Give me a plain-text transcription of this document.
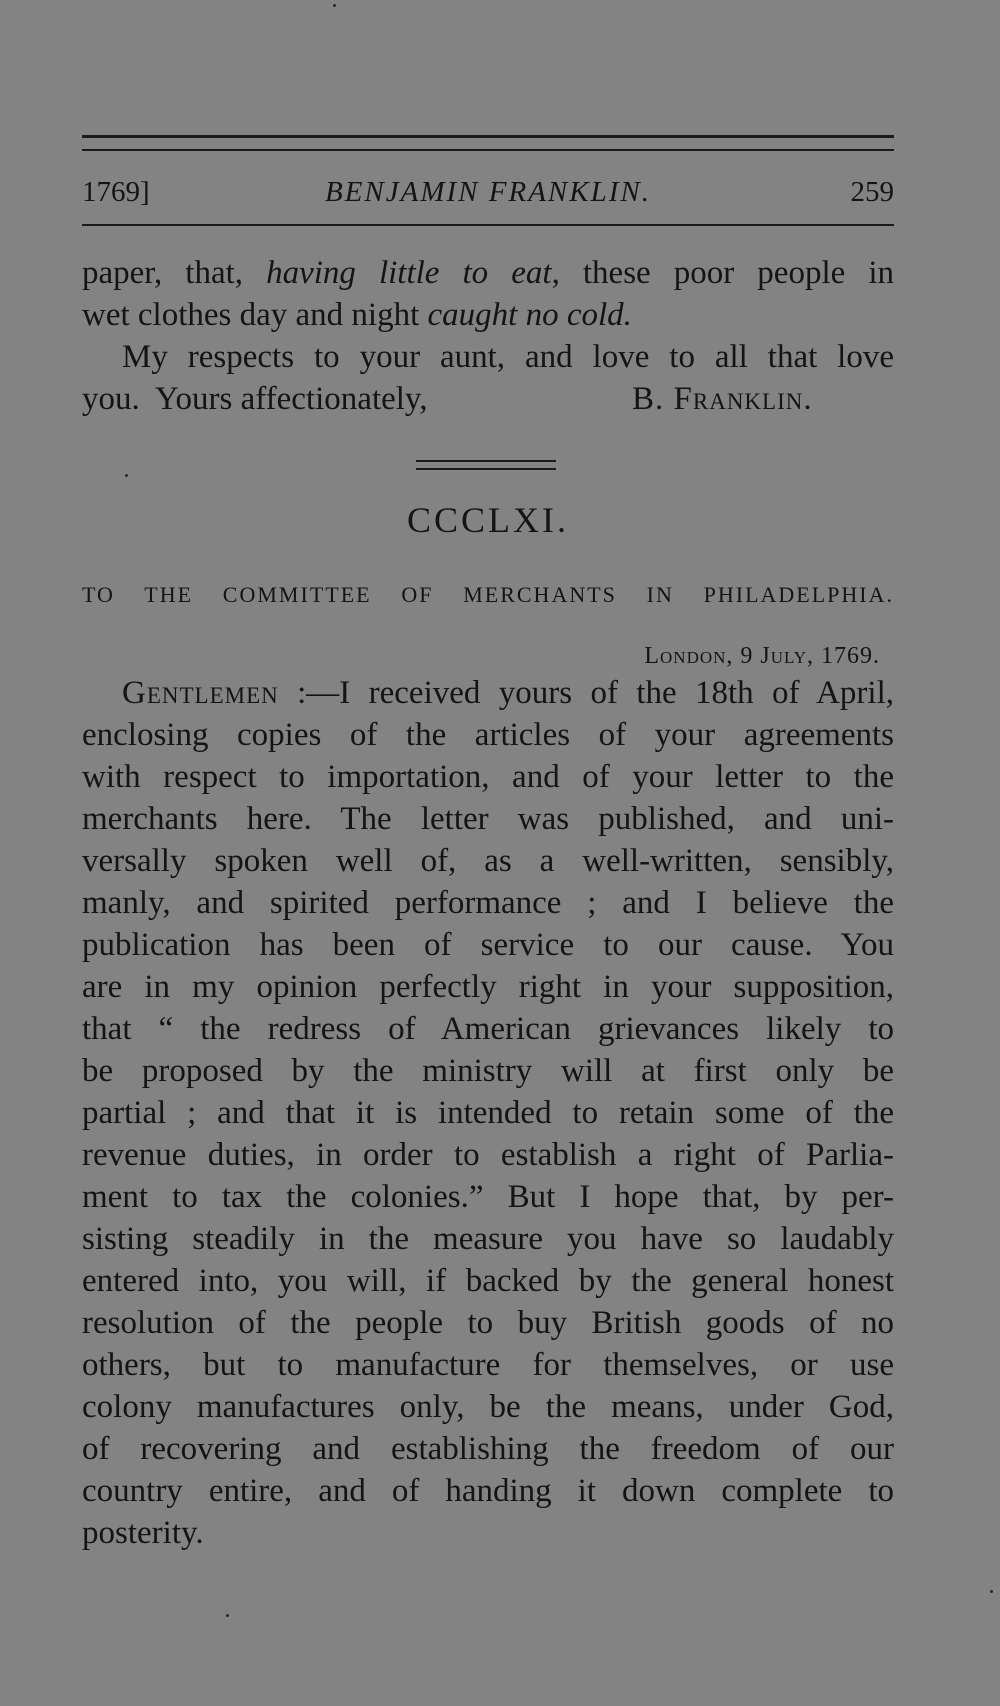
1769]	BENJAMIN FRANKLIN.	259
paper, that, having little to eat, these poor people in
wet clothes day and night caught no cold.
My respects to your aunt, and love to all that love
you.  Yours affectionately,	B. Franklin.
CCCLXI.
TO THE COMMITTEE OF MERCHANTS IN PHILADELPHIA.
London, 9 July, 1769.
Gentlemen :—I received yours of the 18th of April,
enclosing copies of the articles of your agreements
with respect to importation, and of your letter to the
merchants here. The letter was published, and uni-
versally spoken well of, as a well-written, sensibly,
manly, and spirited performance ; and I believe the
publication has been of service to our cause. You
are in my opinion perfectly right in your supposition,
that “ the redress of American grievances likely to
be proposed by the ministry will at first only be
partial ; and that it is intended to retain some of the
revenue duties, in order to establish a right of Parlia-
ment to tax the colonies.” But I hope that, by per-
sisting steadily in the measure you have so laudably
entered into, you will, if backed by the general honest
resolution of the people to buy British goods of no
others, but to manufacture for themselves, or use
colony manufactures only, be the means, under God,
of recovering and establishing the freedom of our
country entire, and of handing it down complete to
posterity.
